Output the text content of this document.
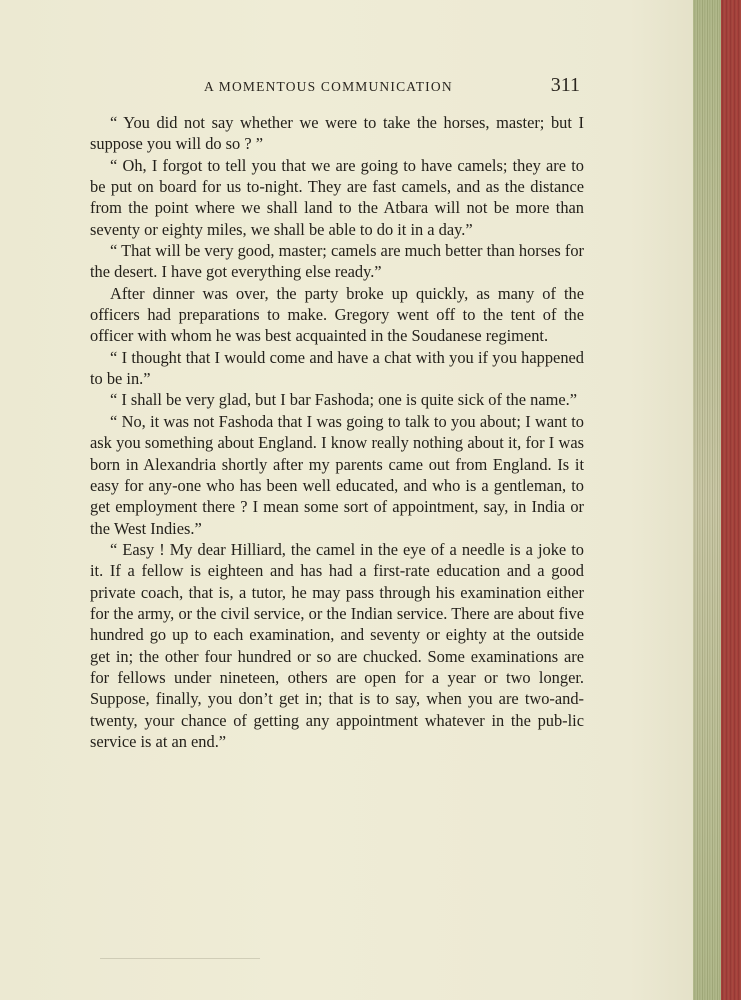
A MOMENTOUS COMMUNICATION	311

“ You did not say whether we were to take the horses, master; but I suppose you will do so ? ”

“ Oh, I forgot to tell you that we are going to have camels; they are to be put on board for us to-night. They are fast camels, and as the distance from the point where we shall land to the Atbara will not be more than seventy or eighty miles, we shall be able to do it in a day.”

“ That will be very good, master; camels are much better than horses for the desert. I have got everything else ready.”

After dinner was over, the party broke up quickly, as many of the officers had preparations to make. Gregory went off to the tent of the officer with whom he was best acquainted in the Soudanese regiment.

“ I thought that I would come and have a chat with you if you happened to be in.”

“ I shall be very glad, but I bar Fashoda; one is quite sick of the name.”

“ No, it was not Fashoda that I was going to talk to you about; I want to ask you something about England. I know really nothing about it, for I was born in Alexandria shortly after my parents came out from England. Is it easy for any-one who has been well educated, and who is a gentleman, to get employment there ? I mean some sort of appointment, say, in India or the West Indies.”

“ Easy ! My dear Hilliard, the camel in the eye of a needle is a joke to it. If a fellow is eighteen and has had a first-rate education and a good private coach, that is, a tutor, he may pass through his examination either for the army, or the civil service, or the Indian service. There are about five hundred go up to each examination, and seventy or eighty at the outside get in; the other four hundred or so are chucked. Some examinations are for fellows under nineteen, others are open for a year or two longer. Suppose, finally, you don’t get in; that is to say, when you are two-and-twenty, your chance of getting any appointment whatever in the pub-lic service is at an end.”
